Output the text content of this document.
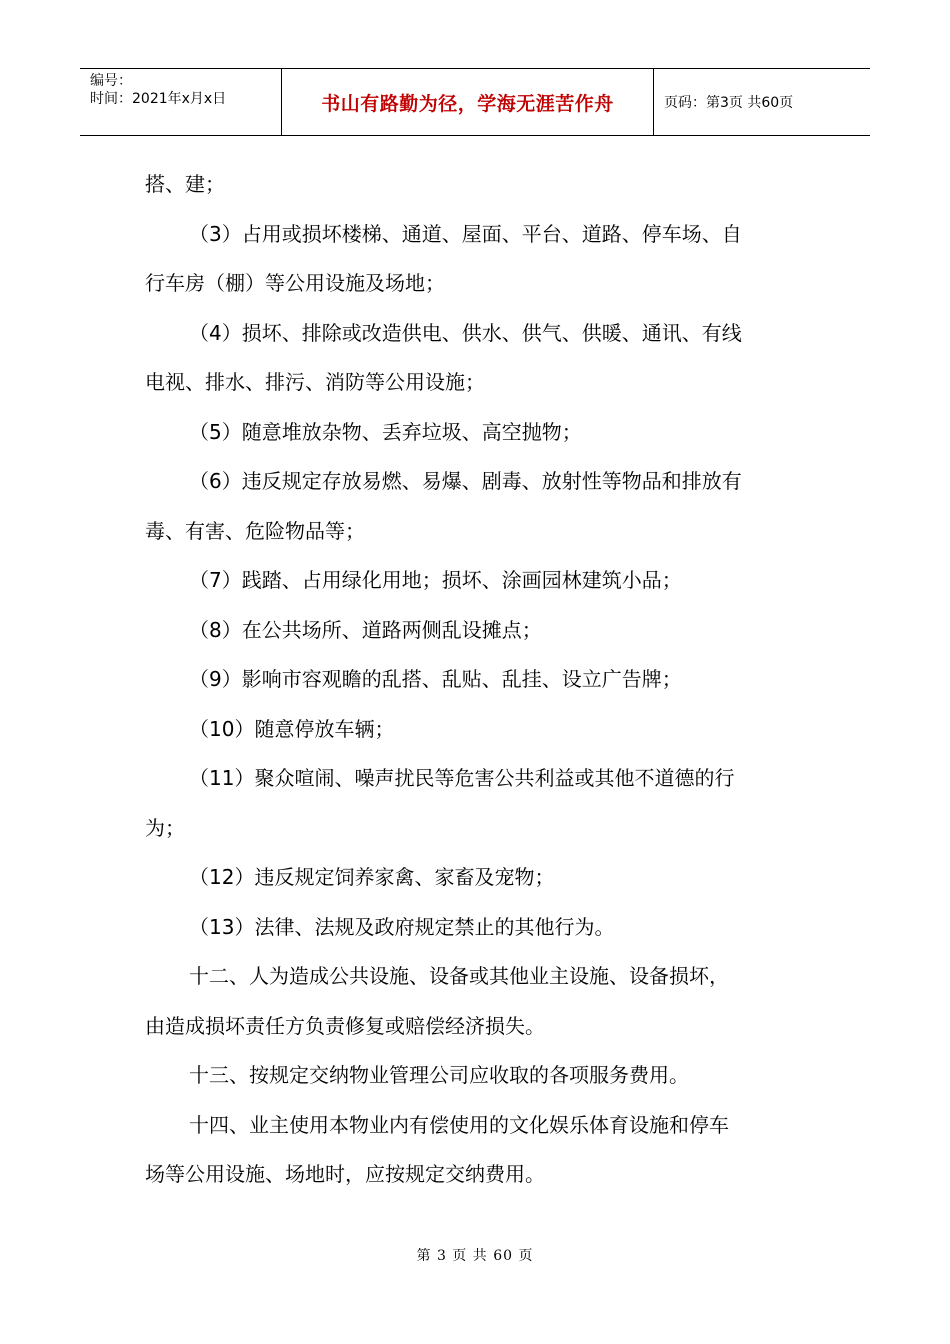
编号：
时间：2021年x月x日	书山有路勤为径，学海无涯苦作舟	页码：第3页 共60页
搭、建；
（3）占用或损坏楼梯、通道、屋面、平台、道路、停车场、自
行车房（棚）等公用设施及场地；
（4）损坏、排除或改造供电、供水、供气、供暖、通讯、有线
电视、排水、排污、消防等公用设施；
（5）随意堆放杂物、丢弃垃圾、高空抛物；
（6）违反规定存放易燃、易爆、剧毒、放射性等物品和排放有
毒、有害、危险物品等；
（7）践踏、占用绿化用地；损坏、涂画园林建筑小品；
（8）在公共场所、道路两侧乱设摊点；
（9）影响市容观瞻的乱搭、乱贴、乱挂、设立广告牌；
（10）随意停放车辆；
（11）聚众喧闹、噪声扰民等危害公共利益或其他不道德的行
为；
（12）违反规定饲养家禽、家畜及宠物；
（13）法律、法规及政府规定禁止的其他行为。
十二、人为造成公共设施、设备或其他业主设施、设备损坏，
由造成损坏责任方负责修复或赔偿经济损失。
十三、按规定交纳物业管理公司应收取的各项服务费用。
十四、业主使用本物业内有偿使用的文化娱乐体育设施和停车
场等公用设施、场地时，应按规定交纳费用。
第 3 页 共 60 页
